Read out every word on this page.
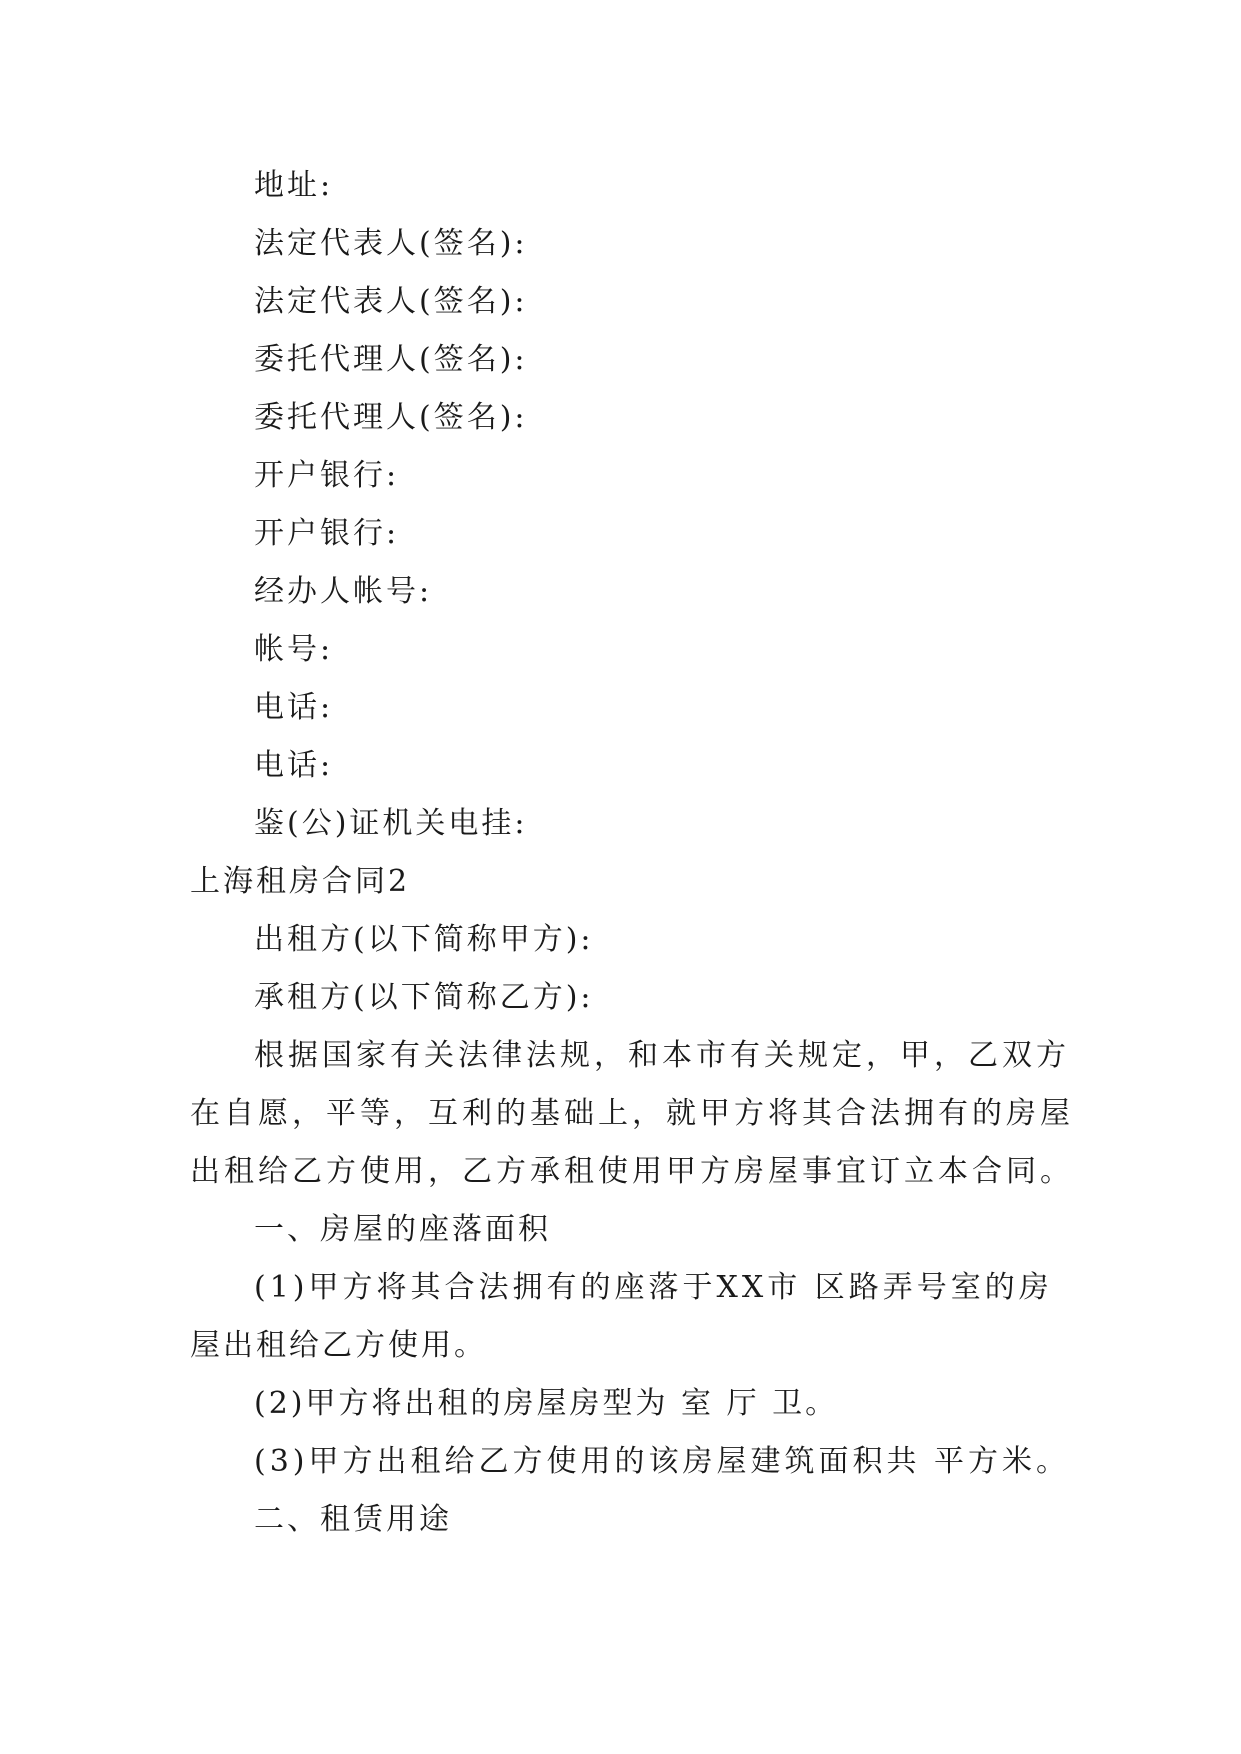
地址:
法定代表人(签名):
法定代表人(签名):
委托代理人(签名):
委托代理人(签名):
开户银行:
开户银行:
经办人帐号:
帐号:
电话:
电话:
鉴(公)证机关电挂:
上海租房合同2
出租方(以下简称甲方):
承租方(以下简称乙方):
根据国家有关法律法规，和本市有关规定，甲，乙双方
在自愿，平等，互利的基础上，就甲方将其合法拥有的房屋
出租给乙方使用，乙方承租使用甲方房屋事宜订立本合同。
一、房屋的座落面积
(1)甲方将其合法拥有的座落于XX市 区路弄号室的房
屋出租给乙方使用。
(2)甲方将出租的房屋房型为 室 厅 卫。
(3)甲方出租给乙方使用的该房屋建筑面积共 平方米。
二、租赁用途
